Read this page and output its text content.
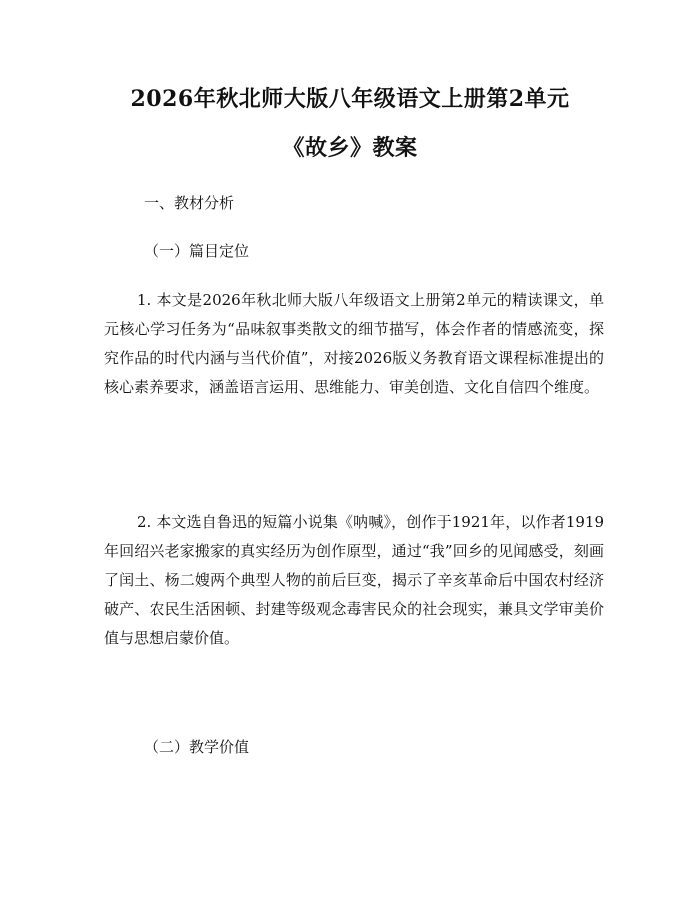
2026年秋北师大版八年级语文上册第2单元
《故乡》教案

一、教材分析

（一）篇目定位

1. 本文是2026年秋北师大版八年级语文上册第2单元的精读课文，单元核心学习任务为“品味叙事类散文的细节描写，体会作者的情感流变，探究作品的时代内涵与当代价值”，对接2026版义务教育语文课程标准提出的核心素养要求，涵盖语言运用、思维能力、审美创造、文化自信四个维度。

2. 本文选自鲁迅的短篇小说集《呐喊》，创作于1921年，以作者1919年回绍兴老家搬家的真实经历为创作原型，通过“我”回乡的见闻感受，刻画了闰土、杨二嫂两个典型人物的前后巨变，揭示了辛亥革命后中国农村经济破产、农民生活困顿、封建等级观念毒害民众的社会现实，兼具文学审美价值与思想启蒙价值。

（二）教学价值
